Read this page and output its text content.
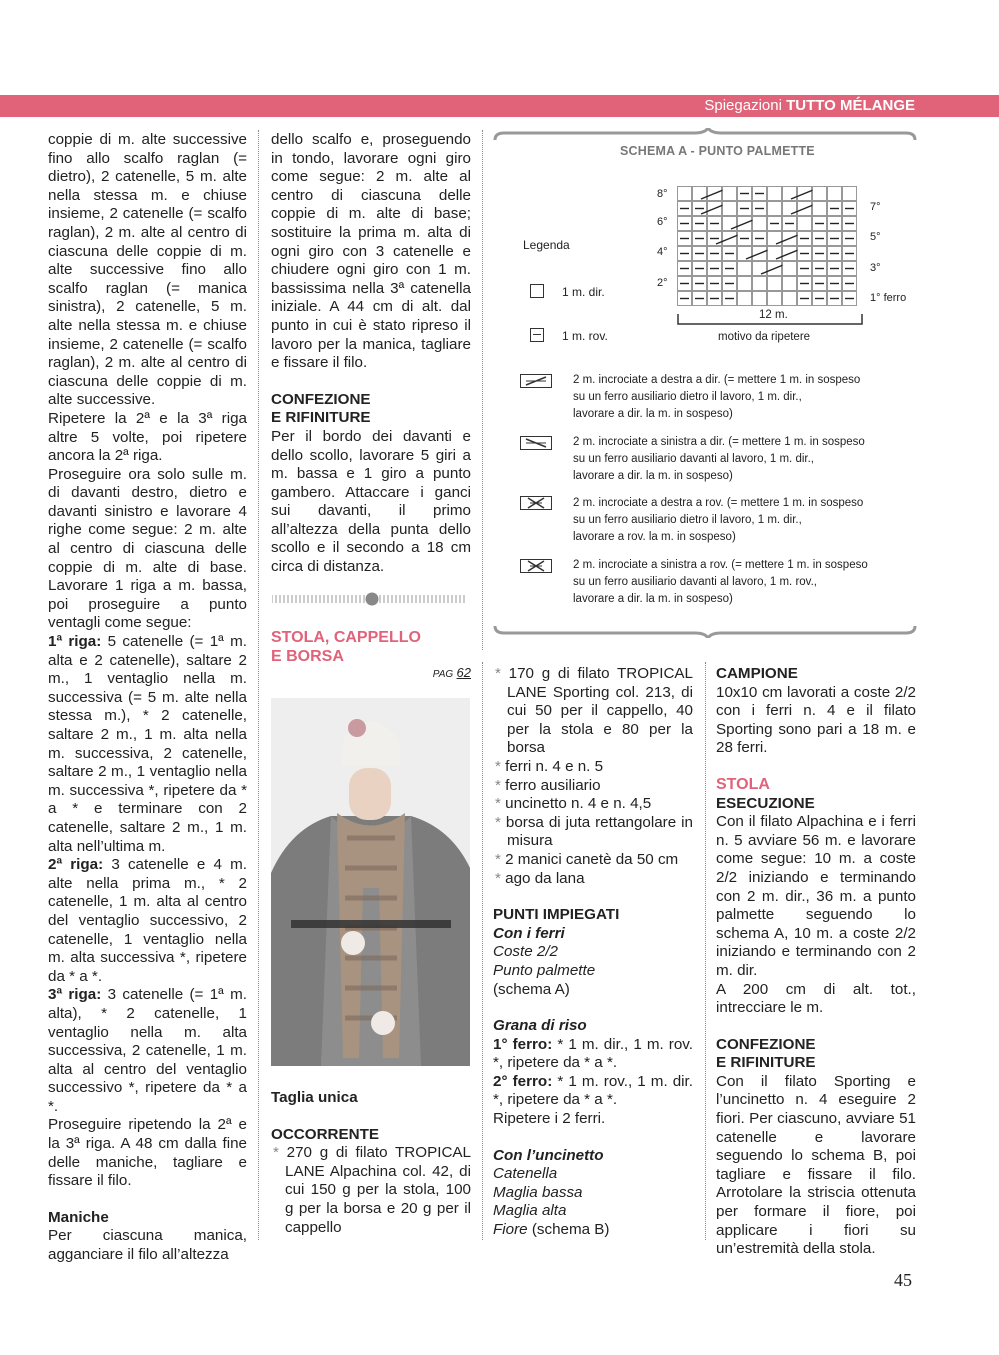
Spiegazioni TUTTO MÉLANGE

coppie di m. alte successive fino allo scalfo raglan (= dietro), 2 catenelle, 5 m. alte nella stessa m. e chiuse insieme, 2 catenelle (= scalfo raglan), 2 m. alte al centro di ciascuna delle coppie di m. alte successive fino allo scalfo raglan (= manica sinistra), 2 catenelle, 5 m. alte nella stessa m. e chiuse insieme, 2 catenelle (= scalfo raglan), 2 m. alte al centro di ciascuna delle coppie di m. alte successive.

Ripetere la 2ª e la 3ª riga altre 5 volte, poi ripetere ancora la 2ª riga.

Proseguire ora solo sulle m. di davanti destro, dietro e davanti sinistro e lavorare 4 righe come segue: 2 m. alte al centro di ciascuna delle coppie di m. alte di base. Lavorare 1 riga a m. bassa, poi proseguire a punto ventagli come segue:

1ª riga: 5 catenelle (= 1ª m. alta e 2 catenelle), saltare 2 m., 1 ventaglio nella m. successiva (= 5 m. alte nella stessa m.), * 2 catenelle, saltare 2 m., 1 m. alta nella m. successiva, 2 catenelle, saltare 2 m., 1 ventaglio nella m. successiva *, ripetere da * a * e terminare con 2 catenelle, saltare 2 m., 1 m. alta nell’ultima m.

2ª riga: 3 catenelle e 4 m. alte nella prima m., * 2 catenelle, 1 m. alta al centro del ventaglio successivo, 2 catenelle, 1 ventaglio nella m. alta successiva *, ripetere da * a *.

3ª riga: 3 catenelle (= 1ª m. alta), * 2 catenelle, 1 ventaglio nella m. alta successiva, 2 catenelle, 1 m. alta al centro del ventaglio successivo *, ripetere da * a *.

Proseguire ripetendo la 2ª e la 3ª riga. A 48 cm dalla fine delle maniche, tagliare e fissare il filo.

Maniche

Per ciascuna manica, agganciare il filo all’altezza

dello scalfo e, proseguendo in tondo, lavorare ogni giro come segue: 2 m. alte al centro di ciascuna delle coppie di m. alte di base; sostituire la prima m. alta di ogni giro con 3 catenelle e chiudere ogni giro con 1 m. bassissima nella 3ª catenella iniziale. A 44 cm di alt. dal punto in cui è stato ripreso il lavoro per la manica, tagliare e fissare il filo.

CONFEZIONE
E RIFINITURE

Per il bordo dei davanti e dello scollo, lavorare 5 giri a m. bassa e 1 giro a punto gambero. Attaccare i ganci sui davanti, il primo all’altezza della punta dello scollo e il secondo a 18 cm circa di distanza.

STOLA, CAPPELLO
E BORSA

PAG 62

Taglia unica

OCCORRENTE

* 270 g di filato TROPICAL LANE Alpachina col. 42, di cui 150 g per la stola, 100 g per la borsa e 20 g per il cappello

SCHEMA A - PUNTO PALMETTE
Legenda
1 m. dir.
1 m. rov.
8°
6°
4°
2°
7°
5°
3°
1° ferro
12 m.
motivo da ripetere
2 m. incrociate a destra a dir. (= mettere 1 m. in sospeso
su un ferro ausiliario dietro il lavoro, 1 m. dir.,
lavorare a dir. la m. in sospeso)
2 m. incrociate a sinistra a dir. (= mettere 1 m. in sospeso
su un ferro ausiliario davanti al lavoro, 1 m. dir.,
lavorare a dir. la m. in sospeso)
2 m. incrociate a destra a rov. (= mettere 1 m. in sospeso
su un ferro ausiliario dietro il lavoro, 1 m. dir.,
lavorare a rov. la m. in sospeso)
2 m. incrociate a sinistra a rov. (= mettere 1 m. in sospeso
su un ferro ausiliario davanti al lavoro, 1 m. rov.,
lavorare a dir. la m. in sospeso)

* 170 g di filato TROPICAL LANE Sporting col. 213, di cui 50 per il cappello, 40 per la stola e 80 per la borsa

* ferri n. 4 e n. 5

* ferro ausiliario

* uncinetto n. 4 e n. 4,5

* borsa di juta rettangolare in misura

* 2 manici canetè da 50 cm

* ago da lana

PUNTI IMPIEGATI

Con i ferri

Coste 2/2

Punto palmette

(schema A)

Grana di riso

1° ferro: * 1 m. dir., 1 m. rov. *, ripetere da * a *.

2° ferro: * 1 m. rov., 1 m. dir. *, ripetere da * a *.

Ripetere i 2 ferri.

Con l’uncinetto

Catenella

Maglia bassa

Maglia alta

Fiore (schema B)

CAMPIONE

10x10 cm lavorati a coste 2/2 con i ferri n. 4 e il filato Sporting sono pari a 18 m. e 28 ferri.

STOLA

ESECUZIONE

Con il filato Alpachina e i ferri n. 5 avviare 56 m. e lavorare come segue: 10 m. a coste 2/2 iniziando e terminando con 2 m. dir., 36 m. a punto palmette seguendo lo schema A, 10 m. a coste 2/2 iniziando e terminando con 2 m. dir.

A 200 cm di alt. tot., intrecciare le m.

CONFEZIONE
E RIFINITURE

Con il filato Sporting e l’uncinetto n. 4 eseguire 2 fiori. Per ciascuno, avviare 51 catenelle e lavorare seguendo lo schema B, poi tagliare e fissare il filo. Arrotolare la striscia ottenuta per formare il fiore, poi applicare i fiori su un’estremità della stola.

45
